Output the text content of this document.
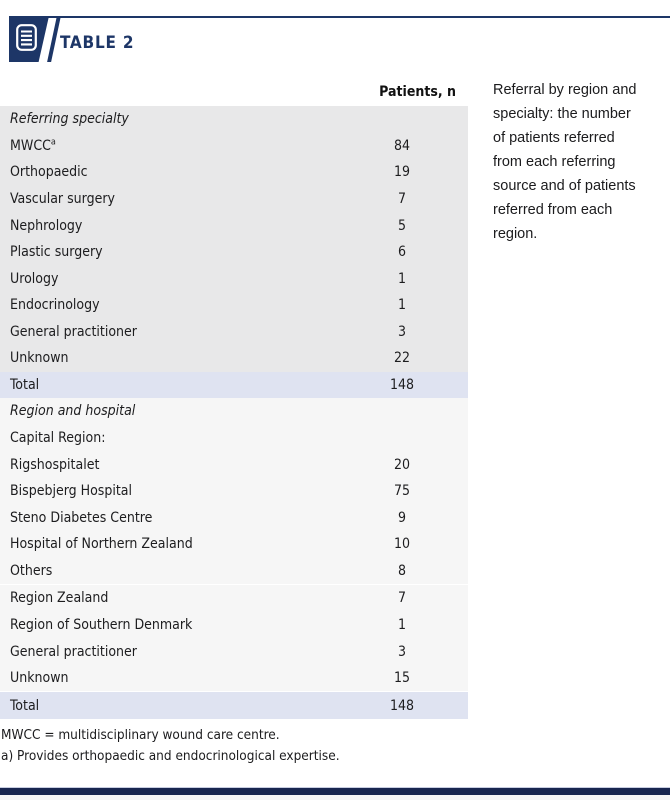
TABLE 2
Referral by region and
specialty: the number
of patients referred
from each referring
source and of patients
referred from each
region.
Patients, n
Referring specialty
MWCC$^a$	84
Orthopaedic	19
Vascular surgery	7
Nephrology	5
Plastic surgery	6
Urology	1
Endocrinology	1
General practitioner	3
Unknown	22
Total	148
Region and hospital
Capital Region:
Rigshospitalet	20
Bispebjerg Hospital	75
Steno Diabetes Centre	9
Hospital of Northern Zealand	10
Others	8
Region Zealand	7
Region of Southern Denmark	1
General practitioner	3
Unknown	15
Total	148
MWCC = multidisciplinary wound care centre.
a) Provides orthopaedic and endocrinological expertise.
